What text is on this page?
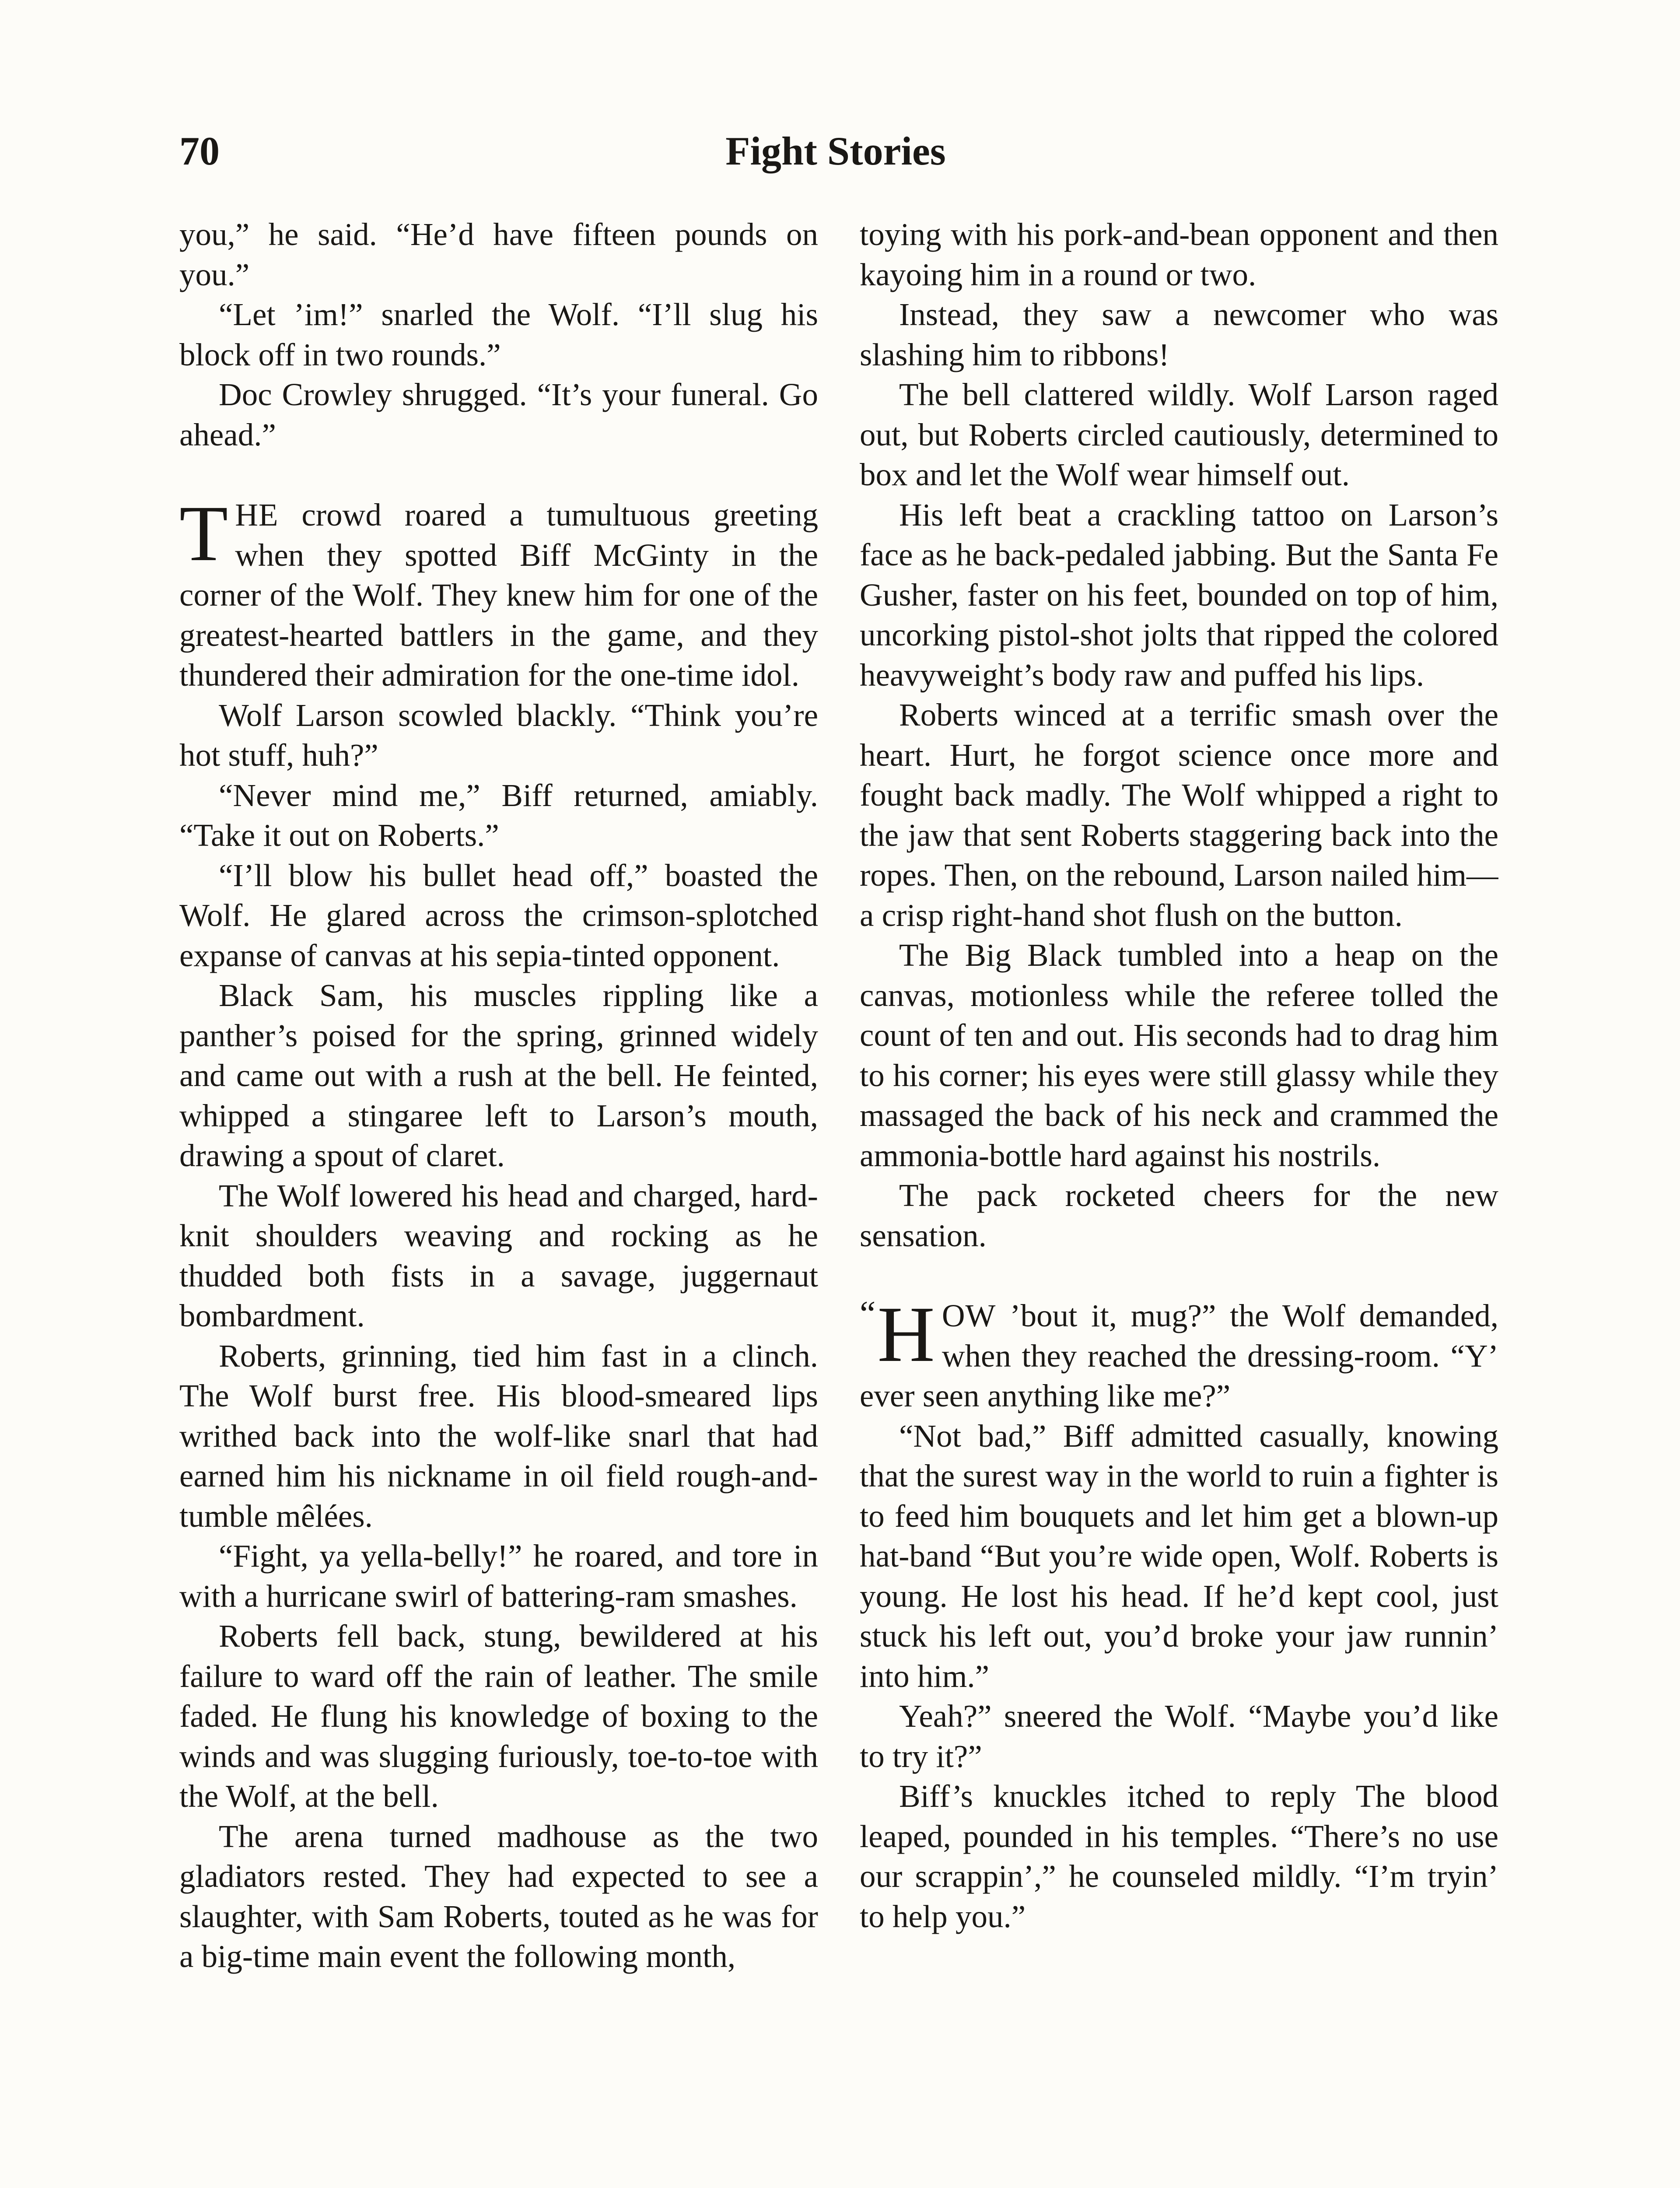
70	Fight Stories

you,” he said. “He’d have fifteen pounds on you.”

“Let ’im!” snarled the Wolf. “I’ll slug his block off in two rounds.”

Doc Crowley shrugged. “It’s your funeral. Go ahead.”

THE crowd roared a tumultuous greeting when they spotted Biff McGinty in the corner of the Wolf. They knew him for one of the greatest-hearted battlers in the game, and they thundered their admiration for the one-time idol.

Wolf Larson scowled blackly. “Think you’re hot stuff, huh?”

“Never mind me,” Biff returned, amiably. “Take it out on Roberts.”

“I’ll blow his bullet head off,” boasted the Wolf. He glared across the crimson-splotched expanse of canvas at his sepia-tinted opponent.

Black Sam, his muscles rippling like a panther’s poised for the spring, grinned widely and came out with a rush at the bell. He feinted, whipped a stingaree left to Larson’s mouth, drawing a spout of claret.

The Wolf lowered his head and charged, hard-knit shoulders weaving and rocking as he thudded both fists in a savage, juggernaut bombardment.

Roberts, grinning, tied him fast in a clinch. The Wolf burst free. His blood-smeared lips writhed back into the wolf-like snarl that had earned him his nickname in oil field rough-and-tumble mêlées.

“Fight, ya yella-belly!” he roared, and tore in with a hurricane swirl of battering-ram smashes.

Roberts fell back, stung, bewildered at his failure to ward off the rain of leather. The smile faded. He flung his knowledge of boxing to the winds and was slugging furiously, toe-to-toe with the Wolf, at the bell.

The arena turned madhouse as the two gladiators rested. They had expected to see a slaughter, with Sam Roberts, touted as he was for a big-time main event the following month,

toying with his pork-and-bean opponent and then kayoing him in a round or two.

Instead, they saw a newcomer who was slashing him to ribbons!

The bell clattered wildly. Wolf Larson raged out, but Roberts circled cautiously, determined to box and let the Wolf wear himself out.

His left beat a crackling tattoo on Larson’s face as he back-pedaled jabbing. But the Santa Fe Gusher, faster on his feet, bounded on top of him, uncorking pistol-shot jolts that ripped the colored heavyweight’s body raw and puffed his lips.

Roberts winced at a terrific smash over the heart. Hurt, he forgot science once more and fought back madly. The Wolf whipped a right to the jaw that sent Roberts staggering back into the ropes. Then, on the rebound, Larson nailed him—a crisp right-hand shot flush on the button.

The Big Black tumbled into a heap on the canvas, motionless while the referee tolled the count of ten and out. His seconds had to drag him to his corner; his eyes were still glassy while they massaged the back of his neck and crammed the ammonia-bottle hard against his nostrils.

The pack rocketed cheers for the new sensation.

“ H OW ’bout it, mug?” the Wolf demanded, when they reached the dressing-room. “Y’ ever seen anything like me?”

“Not bad,” Biff admitted casually, knowing that the surest way in the world to ruin a fighter is to feed him bouquets and let him get a blown-up hat-band “But you’re wide open, Wolf. Roberts is young. He lost his head. If he’d kept cool, just stuck his left out, you’d broke your jaw runnin’ into him.”

Yeah?” sneered the Wolf. “Maybe you’d like to try it?”

Biff’s knuckles itched to reply The blood leaped, pounded in his temples. “There’s no use our scrappin’,” he counseled mildly. “I’m tryin’ to help you.”
